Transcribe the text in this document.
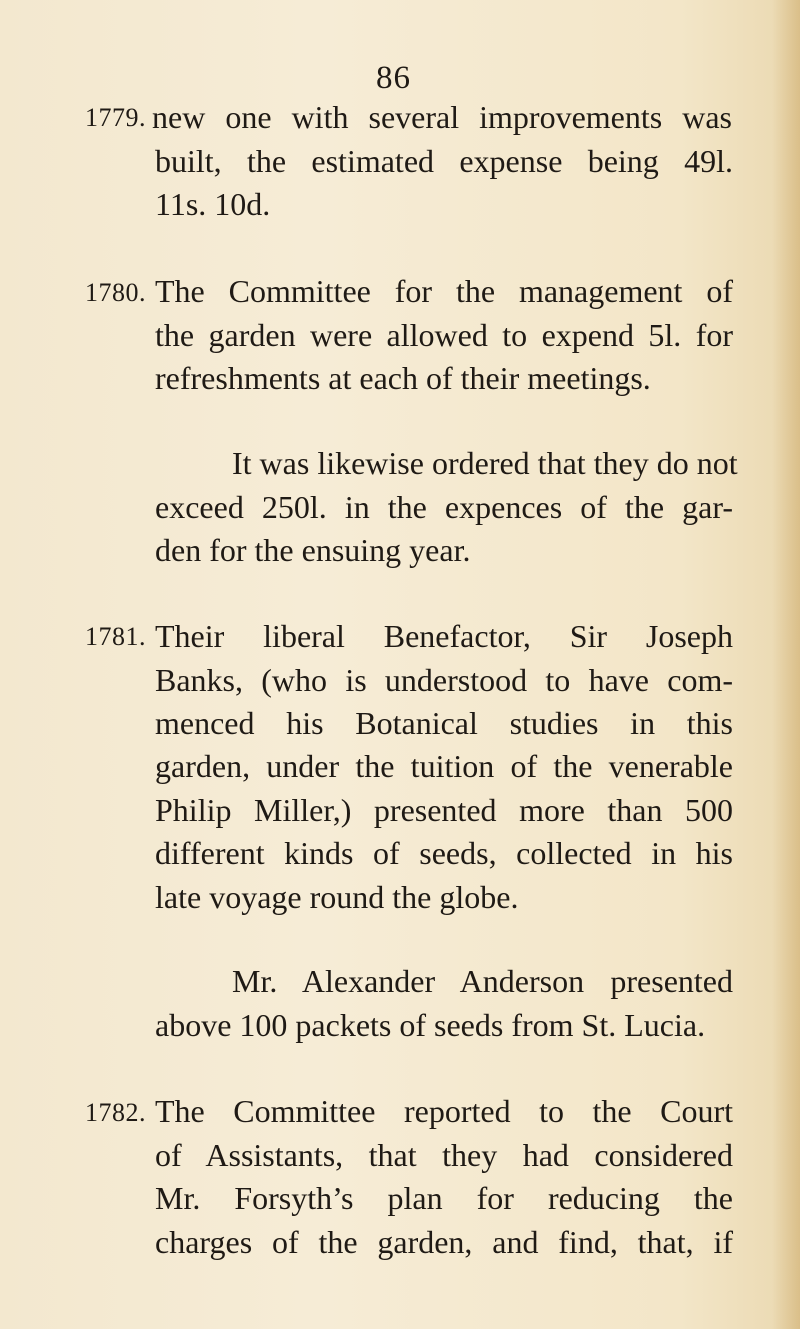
86
1779. new one with several improvements was
built, the estimated expense being 49l.
11s. 10d.
1780. The Committee for the management of
the garden were allowed to expend 5l. for
refreshments at each of their meetings.
It was likewise ordered that they do not
exceed 250l. in the expences of the gar-
den for the ensuing year.
1781. Their liberal Benefactor, Sir Joseph
Banks, (who is understood to have com-
menced his Botanical studies in this
garden, under the tuition of the venerable
Philip Miller,) presented more than 500
different kinds of seeds, collected in his
late voyage round the globe.
Mr. Alexander Anderson presented
above 100 packets of seeds from St. Lucia.
1782. The Committee reported to the Court
of Assistants, that they had considered
Mr. Forsyth’s plan for reducing the
charges of the garden, and find, that, if
